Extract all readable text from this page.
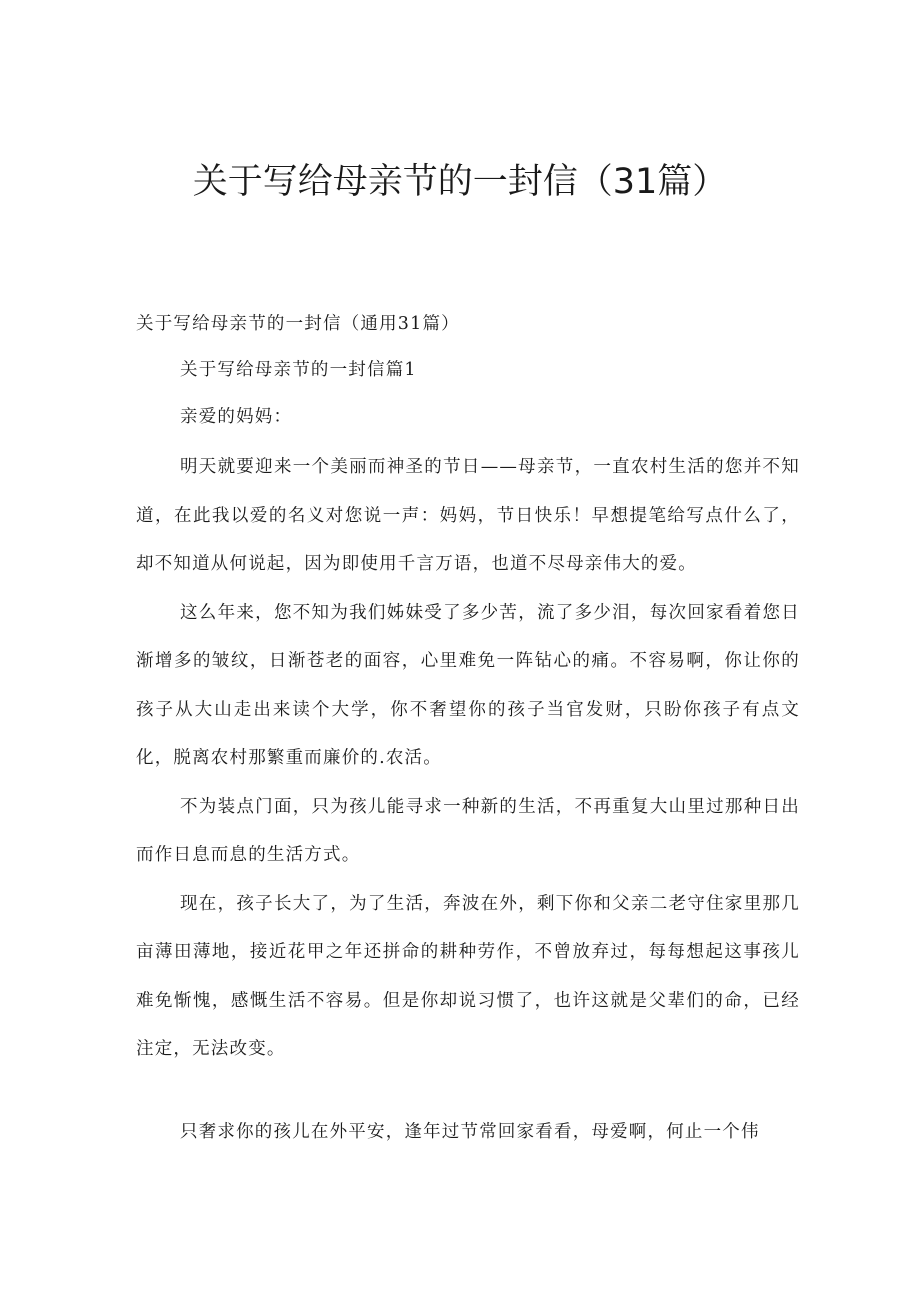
关于写给母亲节的一封信（31篇）

关于写给母亲节的一封信（通用31篇）

关于写给母亲节的一封信篇1

亲爱的妈妈：

明天就要迎来一个美丽而神圣的节日——母亲节，一直农村生活的您并不知道，在此我以爱的名义对您说一声：妈妈，节日快乐！早想提笔给写点什么了，却不知道从何说起，因为即使用千言万语，也道不尽母亲伟大的爱。

这么年来，您不知为我们姊妹受了多少苦，流了多少泪，每次回家看着您日渐增多的皱纹，日渐苍老的面容，心里难免一阵钻心的痛。不容易啊，你让你的孩子从大山走出来读个大学，你不奢望你的孩子当官发财，只盼你孩子有点文化，脱离农村那繁重而廉价的.农活。

不为装点门面，只为孩儿能寻求一种新的生活，不再重复大山里过那种日出而作日息而息的生活方式。

现在，孩子长大了，为了生活，奔波在外，剩下你和父亲二老守住家里那几亩薄田薄地，接近花甲之年还拼命的耕种劳作，不曾放弃过，每每想起这事孩儿难免惭愧，感慨生活不容易。但是你却说习惯了，也许这就是父辈们的命，已经注定，无法改变。

只奢求你的孩儿在外平安，逢年过节常回家看看，母爱啊，何止一个伟
